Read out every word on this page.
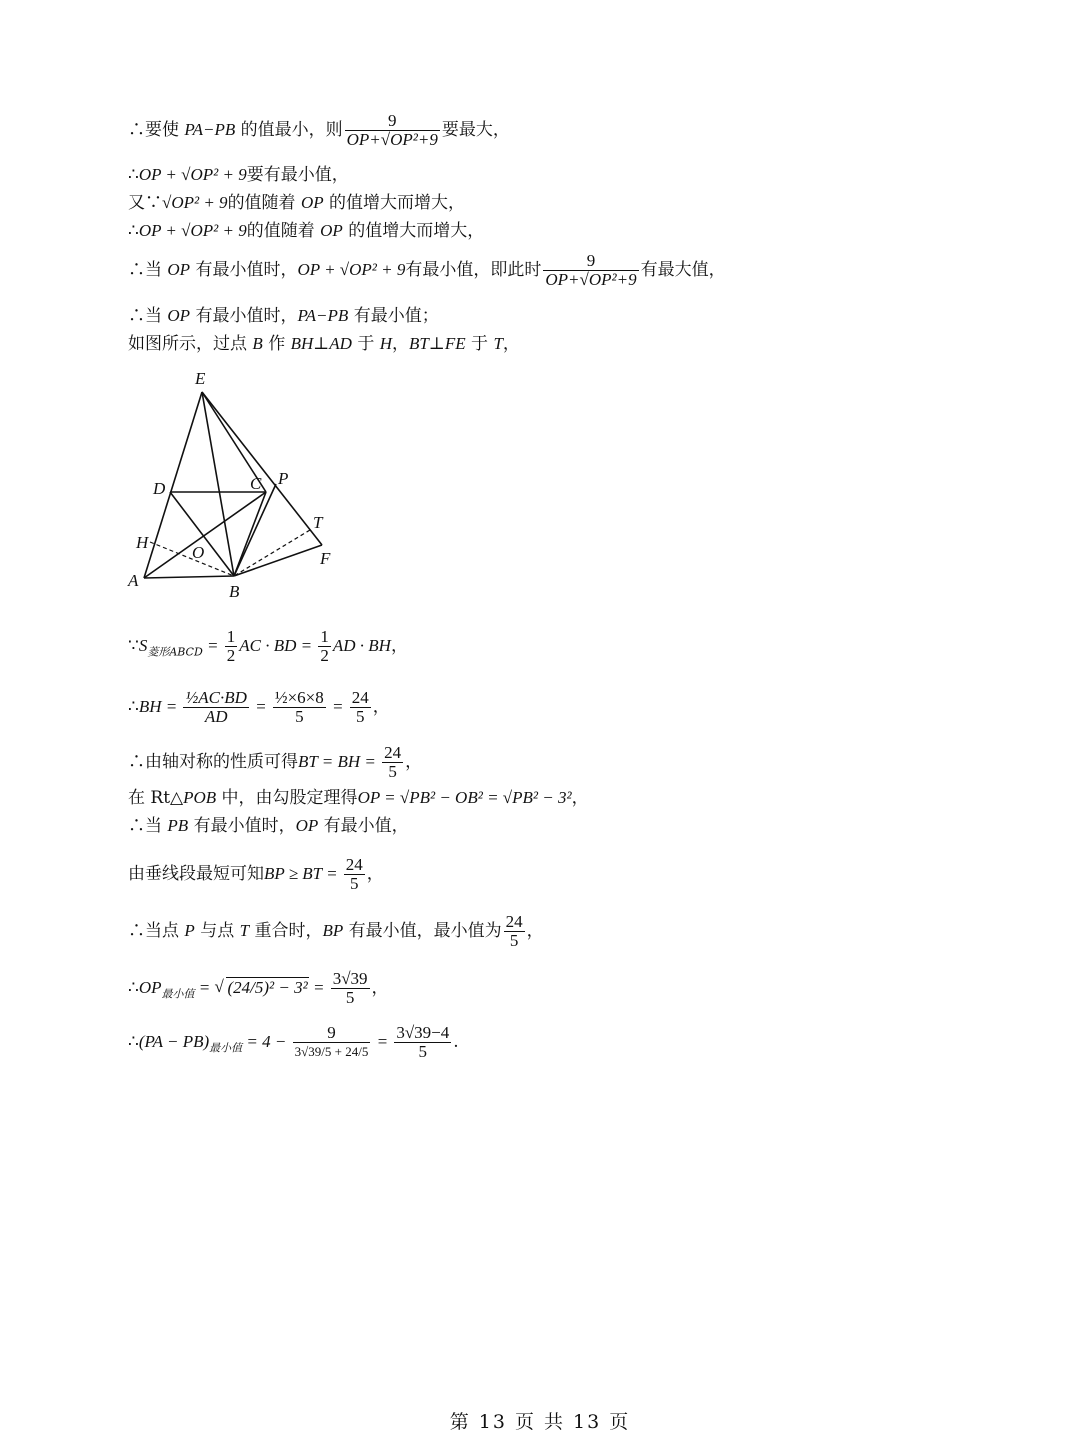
∴要使 PA−PB 的值最小，则 $\frac{9}{\text{OP+√OP²+9}}$ 要最大，
∴OP + √OP² + 9要有最小值，
又∵√OP² + 9的值随着 OP 的值增大而增大，
∴OP + √OP² + 9的值随着 OP 的值增大而增大，
∴当 OP 有最小值时，OP + √OP² + 9有最小值，即此时 $\frac{9}{\text{OP+√OP²+9}}$ 有最大值，
∴当 OP 有最小值时，PA−PB 有最小值；
如图所示，过点 B 作 BH⊥AD 于 H，BT⊥FE 于 T，
E
D	C P
T
H
O	F
A
B
$\because S_{菱形ABCD} = \frac{1}{2}$ AC · BD = $\frac{1}{2}$ AD · BH，
∴BH = $\frac{\text{½AC·BD}}{AD} = \frac{\text{½×6×8}}{5} = \frac{24}{5}$ ，
∴由轴对称的性质可得BT = BH = $\frac{24}{5}$ ，
在 Rt△POB 中，由勾股定理得OP = √PB² − OB² = √PB² − 3²，
∴当 PB 有最小值时，OP 有最小值，
由垂线段最短可知BP ≥ BT = $\frac{24}{5}$ ，
∴当点 P 与点 T 重合时，BP 有最小值，最小值为 $\frac{24}{5}$ ，
$\therefore OP_{最小值}$ = √ $(24/5)^2 - 3^2 = \frac{3√39}{5}$ ，
∴(PA − $PB)_{最小值} = 4 - \frac{9}{3√39/5 + 24/5} = \frac{3√39-4}{5}$ .
第 13 页 共 13 页
